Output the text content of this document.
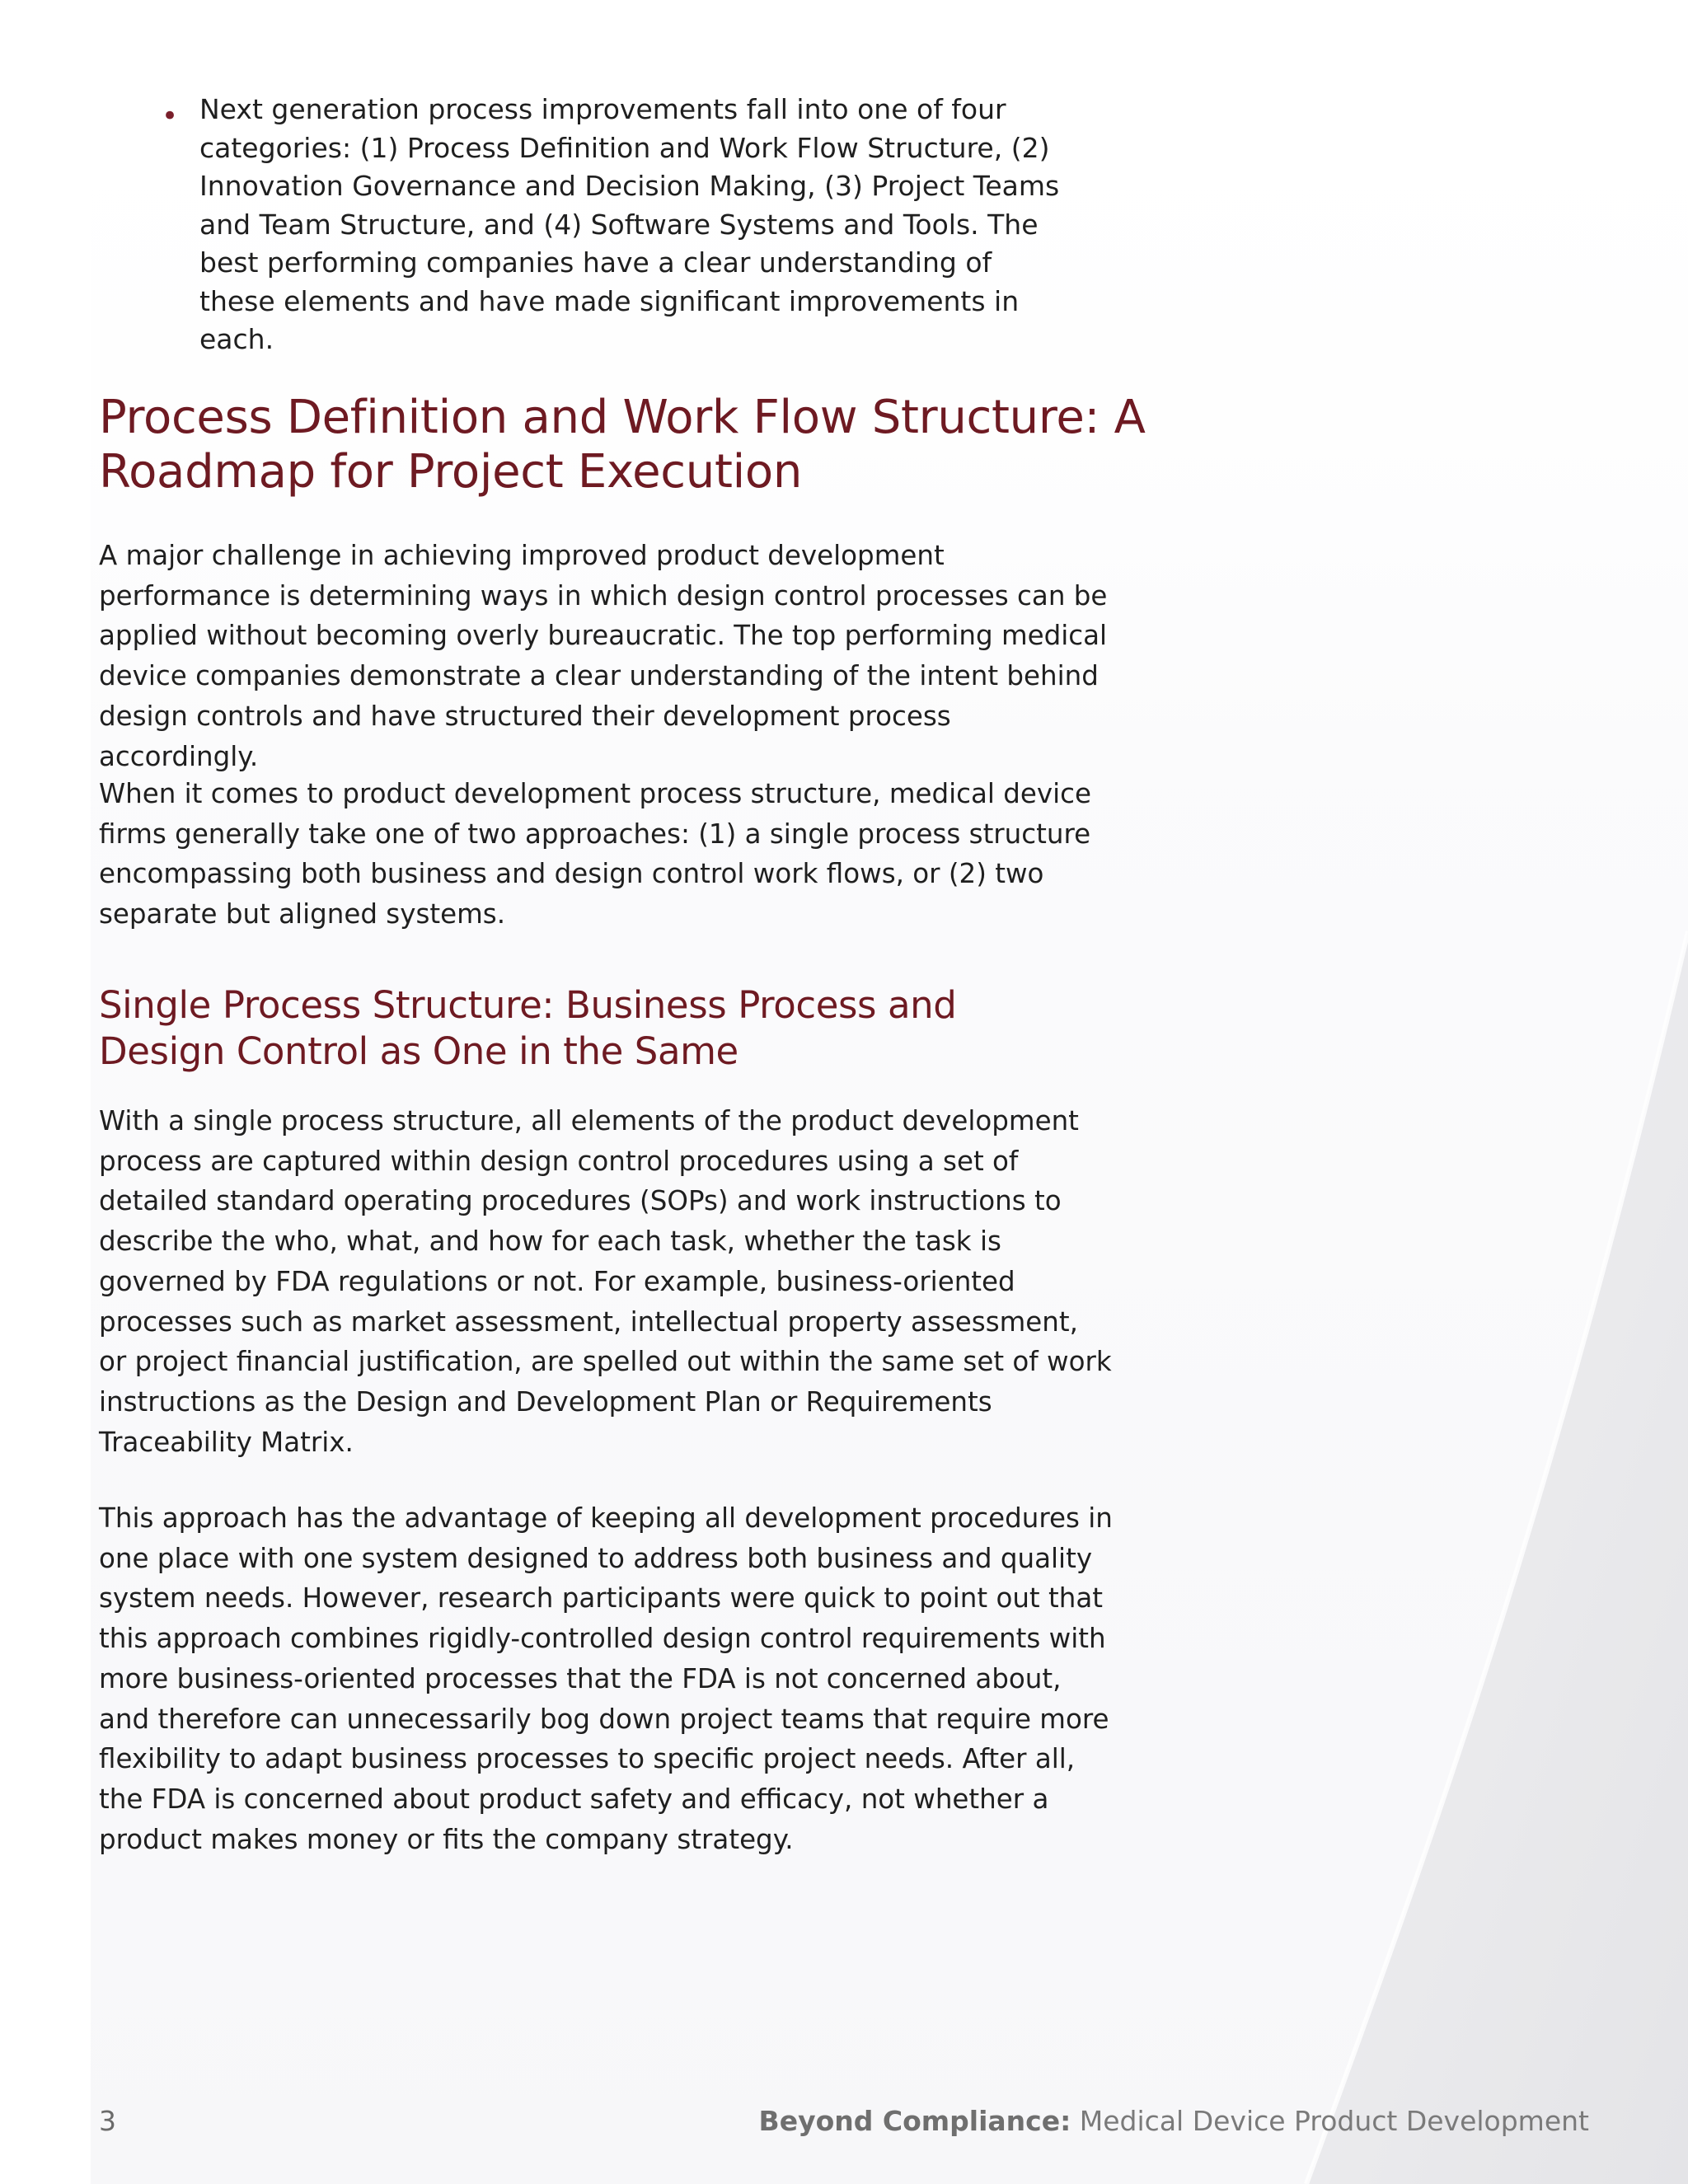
• Next generation process improvements fall into one of four categories: (1) Process Definition and Work Flow Structure, (2) Innovation Governance and Decision Making, (3) Project Teams and Team Structure, and (4) Software Systems and Tools. The best performing companies have a clear understanding of these elements and have made significant improvements in each.

Process Definition and Work Flow Structure: A Roadmap for Project Execution

A major challenge in achieving improved product development performance is determining ways in which design control processes can be applied without becoming overly bureaucratic. The top performing medical device companies demonstrate a clear understanding of the intent behind design controls and have structured their development process accordingly.

When it comes to product development process structure, medical device firms generally take one of two approaches: (1) a single process structure encompassing both business and design control work flows, or (2) two separate but aligned systems.

Single Process Structure: Business Process and Design Control as One in the Same

With a single process structure, all elements of the product development process are captured within design control procedures using a set of detailed standard operating procedures (SOPs) and work instructions to describe the who, what, and how for each task, whether the task is governed by FDA regulations or not. For example, business-oriented processes such as market assessment, intellectual property assessment, or project financial justification, are spelled out within the same set of work instructions as the Design and Development Plan or Requirements Traceability Matrix.

This approach has the advantage of keeping all development procedures in one place with one system designed to address both business and quality system needs. However, research participants were quick to point out that this approach combines rigidly-controlled design control requirements with more business-oriented processes that the FDA is not concerned about, and therefore can unnecessarily bog down project teams that require more flexibility to adapt business processes to specific project needs. After all, the FDA is concerned about product safety and efficacy, not whether a product makes money or fits the company strategy.

3	Beyond Compliance: Medical Device Product Development
